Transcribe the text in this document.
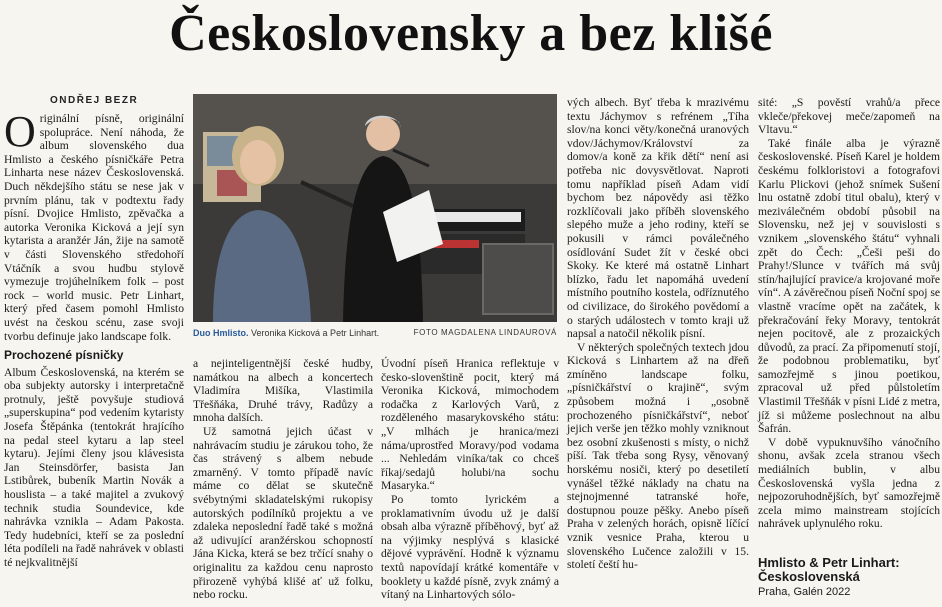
Československy a bez klišé
ONDŘEJ BEZR

Originální písně, originální spolupráce. Není náhoda, že album slovenského dua Hmlisto a českého písničkáře Petra Linharta nese název Československá. Duch někdejšího státu se nese jak v prvním plánu, tak v podtextu řady písní. Dvojice Hmlisto, zpěvačka a autorka Veronika Kicková a její syn kytarista a aranžér Ján, žije na samotě v části Slovenského středohoří Vtáčník a svou hudbu stylově vymezuje trojúhelníkem folk – post rock – world music. Petr Linhart, který před časem pomohl Hmlisto uvést na českou scénu, zase svoji tvorbu definuje jako landscape folk.

Prochozené písničky

Album Československá, na kterém se oba subjekty autorsky i interpretačně protnuly, ještě povyšuje studiová „superskupina“ pod vedením kytaristy Josefa Štěpánka (tentokrát hrajícího na pedal steel kytaru a lap steel kytaru). Jejími členy jsou klávesista Jan Steinsdörfer, basista Jan Lstibůrek, bubeník Martin Novák a houslista – a také majitel a zvukový technik studia Soundevice, kde nahrávka vznikla – Adam Pakosta. Tedy hudebníci, kteří se za poslední léta podíleli na řadě nahrávek v oblasti té nejkvalitnější

Duo Hmlisto. Veronika Kicková a Petr Linhart.	FOTO MAGDALENA LINDAUROVÁ

a nejinteligentnější české hudby, namátkou na albech a koncertech Vladimíra Mišíka, Vlastimila Třešňáka, Druhé trávy, Radůzy a mnoha dalších.

Už samotná jejich účast v nahrávacím studiu je zárukou toho, že čas strávený s albem nebude zmarněný. V tomto případě navíc máme co dělat se skutečně svébytnými skladatelskými rukopisy autorských podílníků projektu a ve zdaleka neposlední řadě také s možná až udivující aranžérskou schopností Jána Kicka, která se bez trčící snahy o originalitu za každou cenu naprosto přirozeně vyhýbá klišé ať už folku, nebo rocku.

Úvodní píseň Hranica reflektuje v česko-slovenštině pocit, který má Veronika Kicková, mimochodem rodačka z Karlových Varů, z rozděleného masarykovského státu: „V mlhách je hranica/mezi náma/uprostřed Moravy/pod vodama ... Nehledám viníka/tak co chceš říkaj/sedajů holubi/na sochu Masaryka.“

Po tomto lyrickém a proklamativním úvodu už je další obsah alba výrazně příběhový, byť až na výjimky nesplývá s klasické dějové vyprávění. Hodně k významu textů napovídají krátké komentáře v booklety u každé písně, zvyk známý a vítaný na Linhartových sólo-

vých albech. Byť třeba k mrazivému textu Jáchymov s refrénem „Tíha slov/na konci věty/konečná uranových vdov/Jáchymov/Království za domov/a koně za křik dětí“ není asi potřeba nic dovysvětlovat. Naproti tomu například píseň Adam vidí bychom bez nápovědy asi těžko rozklíčovali jako příběh slovenského slepého muže a jeho rodiny, kteří se pokusili v rámci poválečného osídlování Sudet žít v české obci Skoky. Ke které má ostatně Linhart blízko, řadu let napomáhá uvedení místního poutního kostela, odříznutého od civilizace, do širokého povědomí a o starých událostech v tomto kraji už napsal a natočil několik písní.

V některých společných textech jdou Kicková s Linhartem až na dřeň zmíněno landscape folku, „písničkářství o krajině“, svým způsobem možná i „osobně prochozeného písničkářství“, neboť jejich verše jen těžko mohly vzniknout bez osobní zkušenosti s místy, o nichž píší. Tak třeba song Rysy, věnovaný horskému nosiči, který po desetiletí vynášel těžké náklady na chatu na stejnojmenné tatranské hoře, dostupnou pouze pěšky. Anebo píseň Praha v zelených horách, opisně líčící vznik vesnice Praha, kterou u slovenského Lučence založili v 15. století čeští hu-

sité: „S pověstí vrahů/a přece vkleče/překovej meče/zapomeň na Vltavu.“

Také finále alba je výrazně československé. Píseň Karel je holdem českému folkloristovi a fotografovi Karlu Plickovi (jehož snímek Sušení lnu ostatně zdobí titul obalu), který v meziválečném období působil na Slovensku, než jej v souvislosti s vznikem „slovenského štátu“ vyhnali zpět do Čech: „Češi peši do Prahy!/Slunce v tvářích má svůj stín/hajlující pravice/a krojované moře vín“. A závěrečnou píseň Noční spoj se vlastně vracíme opět na začátek, k překračování řeky Moravy, tentokrát nejen pocitově, ale z prozaických důvodů, za prací. Za připomenutí stojí, že podobnou problematiku, byť samozřejmě s jinou poetikou, zpracoval už před půlstoletím Vlastimil Třešňák v písni Lidé z metra, jíž si můžeme poslechnout na albu Šafrán.

V době vypuknuvšího vánočního shonu, avšak zcela stranou všech mediálních bublin, v albu Československá vyšla jedna z nejpozoruhodnějších, byť samozřejmě zcela mimo mainstream stojících nahrávek uplynulého roku.

Hmlisto & Petr Linhart: Československá
Praha, Galén 2022
